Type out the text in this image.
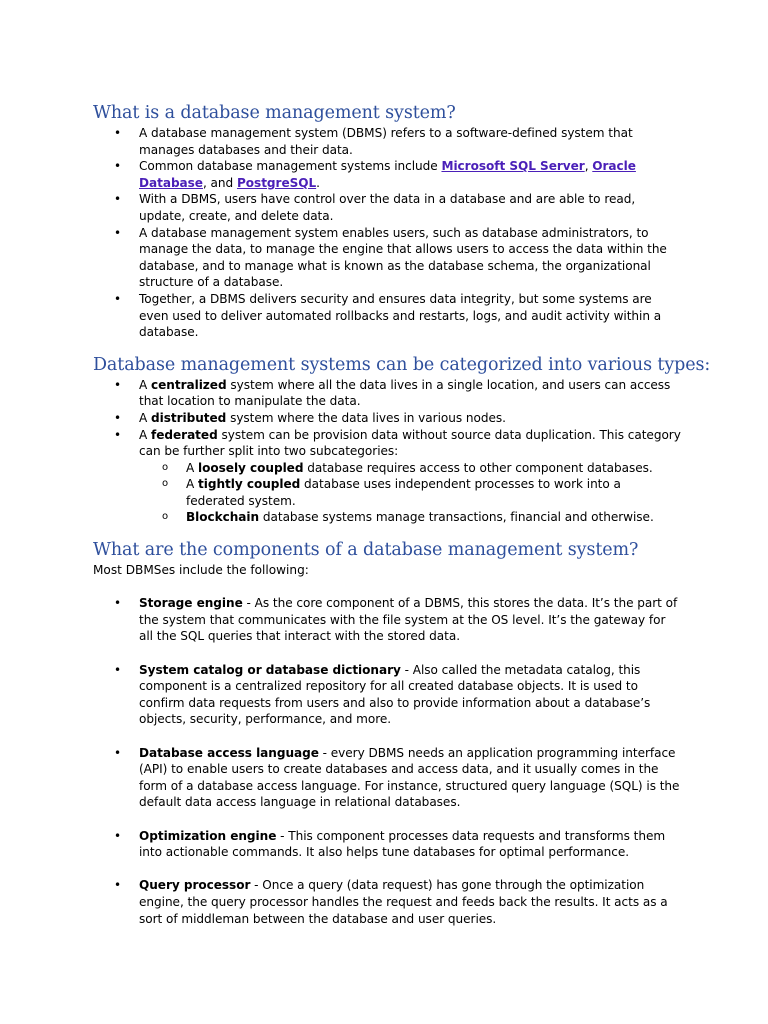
What is a database management system?
• A database management system (DBMS) refers to a software-defined system that manages databases and their data.
• Common database management systems include Microsoft SQL Server, Oracle Database, and PostgreSQL.
• With a DBMS, users have control over the data in a database and are able to read, update, create, and delete data.
• A database management system enables users, such as database administrators, to manage the data, to manage the engine that allows users to access the data within the database, and to manage what is known as the database schema, the organizational structure of a database.
• Together, a DBMS delivers security and ensures data integrity, but some systems are even used to deliver automated rollbacks and restarts, logs, and audit activity within a database.
Database management systems can be categorized into various types:
• A centralized system where all the data lives in a single location, and users can access that location to manipulate the data.
• A distributed system where the data lives in various nodes.
• A federated system can be provision data without source data duplication. This category can be further split into two subcategories:
o A loosely coupled database requires access to other component databases.
o A tightly coupled database uses independent processes to work into a federated system.
o Blockchain database systems manage transactions, financial and otherwise.
What are the components of a database management system?

Most DBMSes include the following:

• Storage engine - As the core component of a DBMS, this stores the data. It’s the part of the system that communicates with the file system at the OS level. It’s the gateway for all the SQL queries that interact with the stored data.
• System catalog or database dictionary - Also called the metadata catalog, this component is a centralized repository for all created database objects. It is used to confirm data requests from users and also to provide information about a database’s objects, security, performance, and more.
• Database access language - every DBMS needs an application programming interface (API) to enable users to create databases and access data, and it usually comes in the form of a database access language. For instance, structured query language (SQL) is the default data access language in relational databases.
• Optimization engine - This component processes data requests and transforms them into actionable commands. It also helps tune databases for optimal performance.
• Query processor - Once a query (data request) has gone through the optimization engine, the query processor handles the request and feeds back the results. It acts as a sort of middleman between the database and user queries.
